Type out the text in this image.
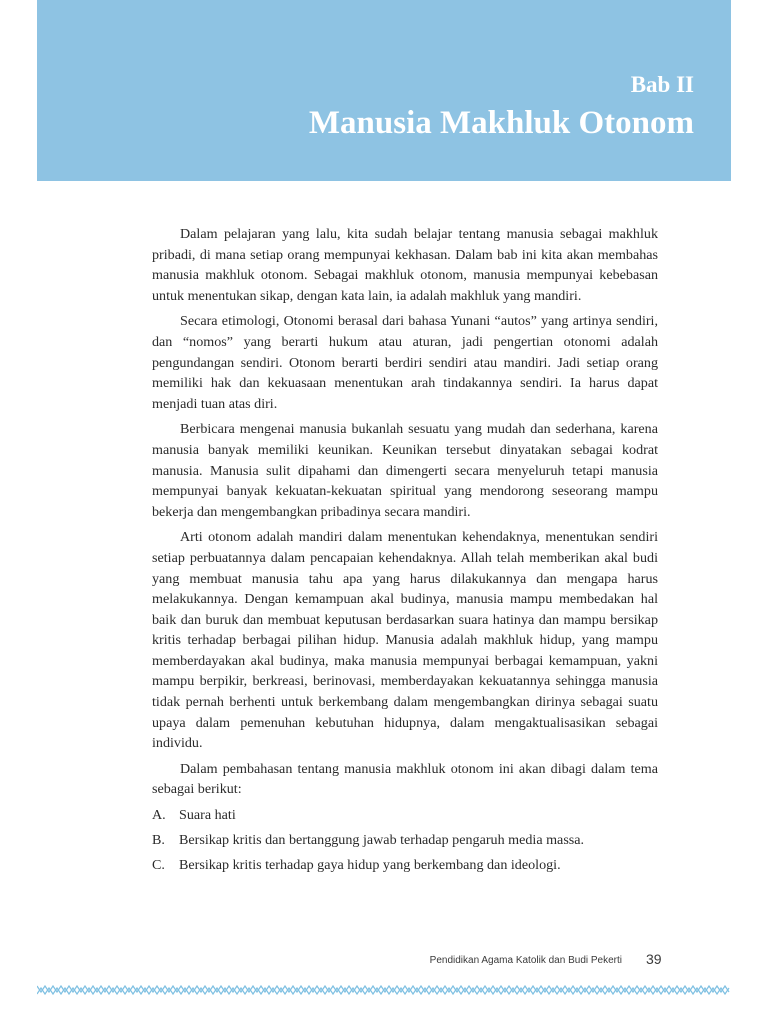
Bab II
Manusia Makhluk Otonom

Dalam pelajaran yang lalu, kita sudah belajar tentang manusia sebagai makhluk pribadi, di mana setiap orang mempunyai kekhasan. Dalam bab ini kita akan membahas manusia makhluk otonom. Sebagai makhluk otonom, manusia mempunyai kebebasan untuk menentukan sikap, dengan kata lain, ia adalah makhluk yang mandiri.

Secara etimologi, Otonomi berasal dari bahasa Yunani “autos” yang artinya sendiri, dan “nomos” yang berarti hukum atau aturan, jadi pengertian otonomi adalah pengundangan sendiri. Otonom berarti berdiri sendiri atau mandiri. Jadi setiap orang memiliki hak dan kekuasaan menentukan arah tindakannya sendiri. Ia harus dapat menjadi tuan atas diri.

Berbicara mengenai manusia bukanlah sesuatu yang mudah dan sederhana, karena manusia banyak memiliki keunikan. Keunikan tersebut dinyatakan sebagai kodrat manusia. Manusia sulit dipahami dan dimengerti secara menyeluruh tetapi manusia mempunyai banyak kekuatan-kekuatan spiritual yang mendorong seseorang mampu bekerja dan mengembangkan pribadinya secara mandiri.

Arti otonom adalah mandiri dalam menentukan kehendaknya, menentukan sendiri setiap perbuatannya dalam pencapaian kehendaknya. Allah telah memberikan akal budi yang membuat manusia tahu apa yang harus dilakukannya dan mengapa harus melakukannya. Dengan kemampuan akal budinya, manusia mampu membedakan hal baik dan buruk dan membuat keputusan berdasarkan suara hatinya dan mampu bersikap kritis terhadap berbagai pilihan hidup. Manusia adalah makhluk hidup, yang mampu memberdayakan akal budinya, maka manusia mempunyai berbagai kemampuan, yakni mampu berpikir, berkreasi, berinovasi, memberdayakan kekuatannya sehingga manusia tidak pernah berhenti untuk berkembang dalam mengembangkan dirinya sebagai suatu upaya dalam pemenuhan kebutuhan hidupnya, dalam mengaktualisasikan sebagai individu.

Dalam pembahasan tentang manusia makhluk otonom ini akan dibagi dalam tema sebagai berikut:

A. Suara hati
B. Bersikap kritis dan bertanggung jawab terhadap pengaruh media massa.
C. Bersikap kritis terhadap gaya hidup yang berkembang dan ideologi.

Pendidikan Agama Katolik dan Budi Pekerti 39
